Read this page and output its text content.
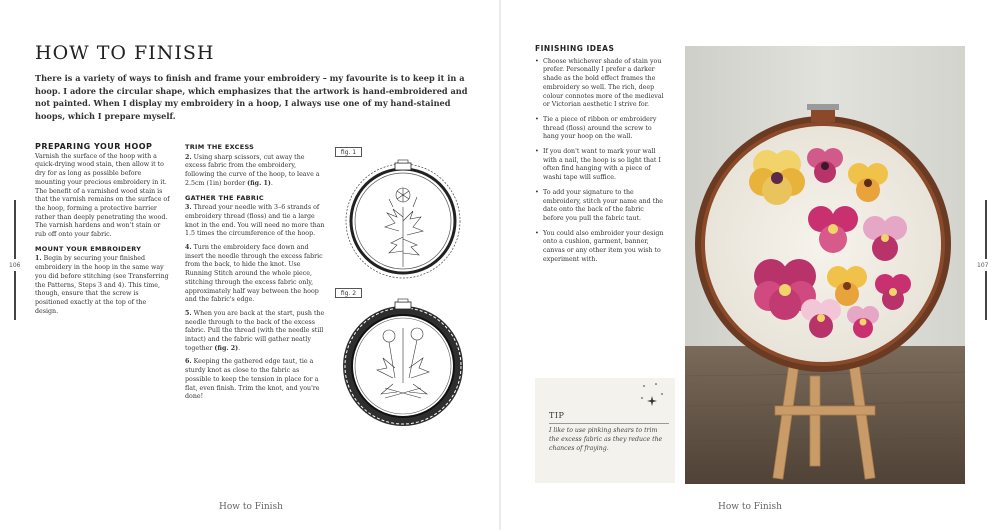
106
HOW TO FINISH

There is a variety of ways to finish and frame your embroidery – my favourite is to keep it in a hoop. I adore the circular shape, which emphasizes that the artwork is hand-embroidered and not painted. When I display my embroidery in a hoop, I always use one of my hand-stained hoops, which I prepare myself.

PREPARING YOUR HOOP

Varnish the surface of the hoop with a quick-drying wood stain, then allow it to dry for as long as possible before mounting your precious embroidery in it. The benefit of a varnished wood stain is that the varnish remains on the surface of the hoop, forming a protective barrier rather than deeply penetrating the wood. The varnish hardens and won't stain or rub off onto your fabric.

MOUNT YOUR EMBROIDERY

1. Begin by securing your finished embroidery in the hoop in the same way you did before stitching (see Transferring the Patterns, Steps 3 and 4). This time, though, ensure that the screw is positioned exactly at the top of the design.

TRIM THE EXCESS

2. Using sharp scissors, cut away the excess fabric from the embroidery, following the curve of the hoop, to leave a 2.5cm (1in) border (fig. 1).

GATHER THE FABRIC

3. Thread your needle with 3–6 strands of embroidery thread (floss) and tie a large knot in the end. You will need no more than 1.5 times the circumference of the hoop.

4. Turn the embroidery face down and insert the needle through the excess fabric from the back, to hide the knot. Use Running Stitch around the whole piece, stitching through the excess fabric only, approximately half way between the hoop and the fabric's edge.

5. When you are back at the start, push the needle through to the back of the excess fabric. Pull the thread (with the needle still intact) and the fabric will gather neatly together (fig. 2).

6. Keeping the gathered edge taut, tie a sturdy knot as close to the fabric as possible to keep the tension in place for a flat, even finish. Trim the knot, and you're done!

fig. 1
fig. 2
How to Finish
FINISHING IDEAS
• Choose whichever shade of stain you prefer. Personally I prefer a darker shade as the bold effect frames the embroidery so well. The rich, deep colour connotes more of the medieval or Victorian aesthetic I strive for.
• Tie a piece of ribbon or embroidery thread (floss) around the screw to hang your hoop on the wall.
• If you don't want to mark your wall with a nail, the hoop is so light that I often find hanging with a piece of washi tape will suffice.
• To add your signature to the embroidery, stitch your name and the date onto the back of the fabric before you pull the fabric taut.
• You could also embroider your design onto a cushion, garment, banner, canvas or any other item you wish to experiment with.
TIP
I like to use pinking shears to trim the excess fabric as they reduce the chances of fraying.
107
How to Finish
